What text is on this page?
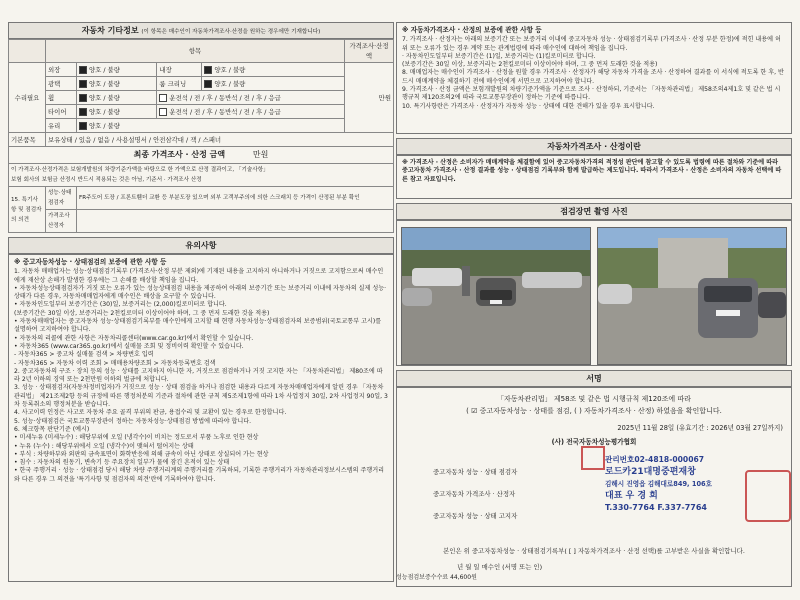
자동차 기타정보 (이 항목은 매수인이 자동차가격조사·산정을 원하는 경우에만 기재합니다)
	항목				가격조사·산정액
수리필요	외장	양호 / 불량	내장	양호 / 불량	만원
	광택	양호 / 불량	룸 크리닝	양호 / 불량	
	휠	양호 / 불량	운전석 / 전 / 후 / 동반석 / 전 / 후 / 응급		
	타이어	양호 / 불량	운전석 / 전 / 후 / 동반석 / 전 / 후 / 응급		
	유리	양호 / 불량			
기본품목	보유상태 / 있음 / 없음 / 사용설명서 / 안전삼각대 / 잭 / 스패너				
최종 가격조사 · 산정 금액 만원					

이 가격조사·산정가격은 보험개발원의 차량기준가액을 바탕으로 한 가액으로 산정 결과이고, 「기술사항」
보험 회사의 보험금 산정시 반드시 적용되는 것은 아님, 기준서 · 가격조사 산정					

15. 특기사항 및 점검자의 의견	성능·상태 점검자	FR주도어 도장 / 프론트휀더 교환 등 부분도장 있으며 외부 고객부주의에 의한 스크래치 등 가격이 산정된 부분 확인			
	가격조사 산정자				
유의사항

※ 중고자동차성능 · 상태점검의 보증에 관한 사항 등

1. 자동차 매매업자는 성능·상태점검기록부 (가격조사·산정 부분 제외)에 기재된 내용을 고지하지 아니하거나 거짓으로 고지함으로써 매수인에게 재산상 손해가 발생한 경우에는 그 손해를 배상할 책임을 집니다.

• 자동차성능상태점검자가 거짓 또는 오류가 있는 성능상태점검 내용을 제공하여 아래의 보증기간 또는 보증거리 이내에 자동차의 실제 성능·상태가 다른 경우, 자동차매매업자에게 매수인은 배상을 요구할 수 있습니다.

• 자동차인도일부터 보증기간은 (30)일, 보증거리는 (2,000)킬로미터로 합니다.

(보증기간은 30일 이상, 보증거리는 2천킬로미터 이상이어야 하며, 그 중 먼저 도래한 것을 적용)

• 자동차매매업자는 중고자동차 성능·상태점검기록부를 매수인에게 고지할 때 현행 자동차성능·상태점검자의 보증범위(국토교통부 고시)를 설명하여 고지하여야 합니다.

• 자동차의 리콜에 관한 사항은 자동차리콜센터(www.car.go.kr)에서 확인할 수 있습니다.

• 자동차365 (www.car365.go.kr)에서 실매물 조회 및 정비이력 확인할 수 있습니다.

- 자동차365 > 중고차 실매물 검색 > 차량번호 입력

- 자동차365 > 자동차 이력 조회 > 매매용차량조회 > 자동차등록번호 검색

2. 중고자동차의 구조 · 장치 등의 성능 · 상태를 고지하지 아니한 자, 거짓으로 점검하거나 거짓 고지한 자는 「자동차관리법」 제80조에 따라 2년 이하의 징역 또는 2천만원 이하의 벌금에 처합니다.

3. 성능 · 상태점검자(자동차정비업자)가 거짓으로 성능 · 상태 점검을 하거나 점검한 내용과 다르게 자동차매매업자에게 알린 경우 「자동차관리법」 제21조제2항 등의 규정에 따른 행정처분의 기준과 절차에 관한 규칙 제5조제1항에 따라 1차 사업정지 30일, 2차 사업정지 90일, 3차 등록취소의 행정처분을 받습니다.

4. 사고이력 인정은 사고로 자동차 주요 골격 부위의 판금, 용접수리 및 교환이 있는 경우로 한정합니다.

5. 성능·상태점검은 국토교통부장관이 정하는 자동차성능·상태점검 방법에 따라야 합니다.

6. 체크항목 판단기준 (예시)

• 미세누유 (미세누수) : 해당부위에 오일 (냉각수)이 비치는 정도로서 부품 노후로 인한 현상

• 누유 (누수) : 해당부위에서 오일 (냉각수)이 맺혀서 떨어지는 상태

• 부식 : 차량하부와 외판의 금속표면이 화학반응에 의해 금속이 아닌 상태로 상실되어 가는 현상

• 침수 : 자동차의 원동기, 변속기 등 주요장치 일부가 물에 잠긴 흔적이 있는 상태

• 한국 주행거리 · 성능 · 상태점검 당시 해당 차량 주행거리계의 주행거리를 기록하되, 기록한 주행거리가 자동차관리정보시스템의 주행거리와 다른 경우 그 의견을 '특기사항 및 점검자의 의견'란에 기록하여야 합니다.

※ 자동차가격조사 · 산정의 보증에 관한 사항 등

7. 가격조사 · 산정자는 아래의 보증기간 또는 보증거리 이내에 중고자동차 성능 · 상태점검기록부 (가격조사 · 산정 부분 한정)에 적힌 내용에 허위 또는 오류가 있는 경우 계약 또는 관계법령에 따라 매수인에 대하여 책임을 집니다.

· 자동차인도일부터 보증기간은 (1)일, 보증거리는 (1)킬로미터로 합니다.

(보증기간은 30일 이상, 보증거리는 2천킬로미터 이상이어야 하며, 그 중 먼저 도래한 것을 적용)

8. 매매업자는 매수인이 가격조사 · 산정을 원할 경우 가격조사 · 산정자가 해당 자동차 가격을 조사 · 산정하여 결과를 이 서식에 적도록 한 후, 반드시 매매계약을 체결하기 전에 매수인에게 서면으로 고지하여야 합니다.

9. 가격조사 · 산정 금액은 보험개발원의 차량기준가액을 기준으로 조사 · 산정하되, 기준서는 「자동차관리법」 제58조의4제1호 및 같은 법 시행규칙 제120조의2에 따라 국토교통부장관이 정하는 기준에 따릅니다.

10. 특기사항란은 가격조사 · 산정자가 자동차 성능 · 상태에 대한 견해가 있을 경우 표시합니다.

자동차가격조사 · 산정이란
※ 가격조사 · 산정은 소비자가 매매계약을 체결함에 있어 중고자동차가격의 적정성 판단에 참고할 수 있도록 법령에 따른 절차와 기준에 따라 중고자동차 가격조사 · 산정 결과를 성능 · 상태점검 기록부와 함께 발급하는 제도입니다. 따라서 가격조사 · 산정은 소비자의 자동차 선택에 따른 참고 자료입니다.
점검장면 촬영 사진
서명
「자동차관리법」 제58조 및 같은 법 시행규칙 제120조에 따라
( ☑ 중고자동차성능 · 상태를 점검, ( ) 자동차가격조사 · 산정) 하였음을 확인합니다.
2025년 11월 28일 (유효기간 : 2026년 03월 27일까지)
(사) 전국자동차성능평가협회
중고자동차 성능 · 상태 점검자
중고자동차 가격조사 · 산정자
중고자동차 성능 · 상태 고지자
관리번호02-4818-000067
로드카21대명중편재창
김해시 진영읍 김해대로849, 106호
대표 우 경 희
T.330-7764 F.337-7764
본인은 위 중고자동차성능 · 상태점검기록부( [ ] 자동차가격조사 · 산정 선택)를 고부받은 사실을 확인합니다.
년 월 일 매수인 (서명 또는 인)
성능점검보증수수료 44,600원
